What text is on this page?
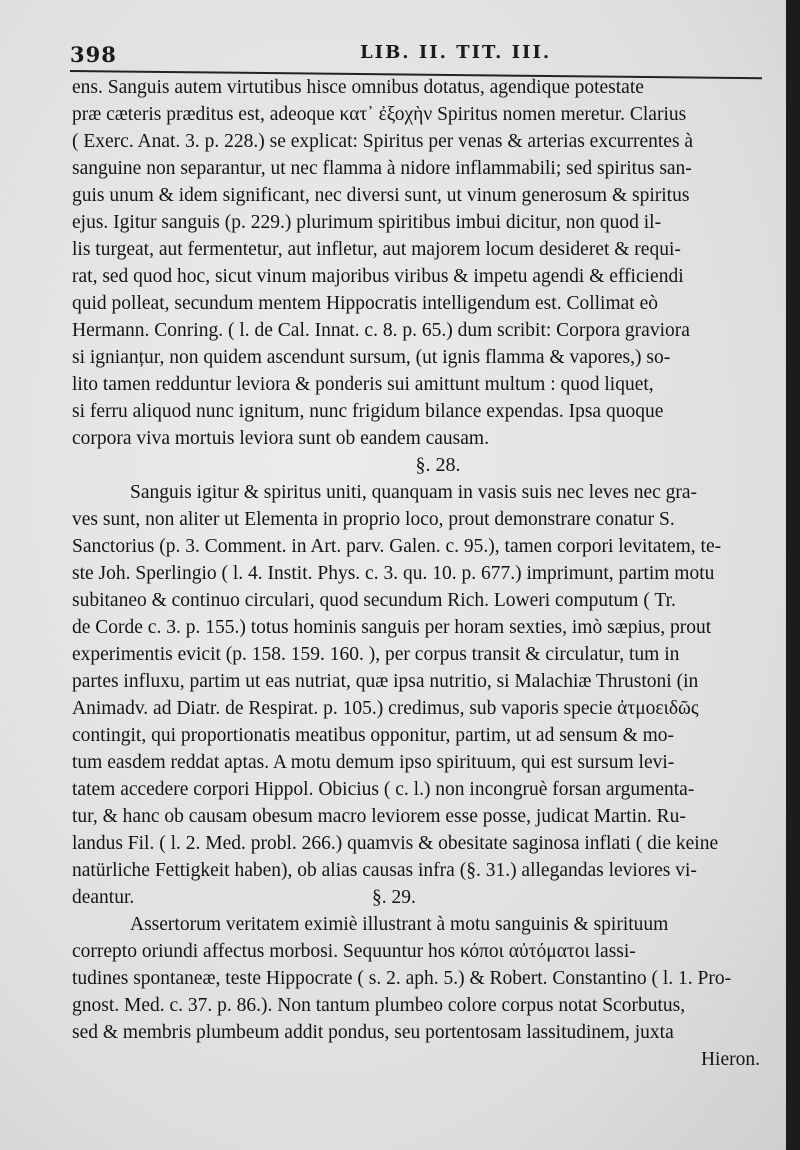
398	LIB. II. TIT. III.
ens. Sanguis autem virtutibus hisce omnibus dotatus, agendique potestate
præ cæteris præditus est, adeoque κατ᾿ ἐξοχὴν Spiritus nomen meretur. Clarius
( Exerc. Anat. 3. p. 228.) se explicat: Spiritus per venas & arterias excurrentes à
sanguine non separantur, ut nec flamma à nidore inflammabili; sed spiritus san-
guis unum & idem significant, nec diversi sunt, ut vinum generosum & spiritus
ejus. Igitur sanguis (p. 229.) plurimum spiritibus imbui dicitur, non quod il-
lis turgeat, aut fermentetur, aut infletur, aut majorem locum desideret & requi-
rat, sed quod hoc, sicut vinum majoribus viribus & impetu agendi & efficiendi
quid polleat, secundum mentem Hippocratis intelligendum est. Collimat eò
Hermann. Conring. ( l. de Cal. Innat. c. 8. p. 65.) dum scribit: Corpora graviora
si ignianțur, non quidem ascendunt sursum, (ut ignis flamma & vapores,) so-
lito tamen redduntur leviora & ponderis sui amittunt multum : quod liquet,
si ferru aliquod nunc ignitum, nunc frigidum bilance expendas. Ipsa quoque
corpora viva mortuis leviora sunt ob eandem causam.
§. 28.
Sanguis igitur & spiritus uniti, quanquam in vasis suis nec leves nec gra-
ves sunt, non aliter ut Elementa in proprio loco, prout demonstrare conatur S.
Sanctorius (p. 3. Comment. in Art. parv. Galen. c. 95.), tamen corpori levitatem, te-
ste Joh. Sperlingio ( l. 4. Instit. Phys. c. 3. qu. 10. p. 677.) imprimunt, partim motu
subitaneo & continuo circulari, quod secundum Rich. Loweri computum ( Tr.
de Corde c. 3. p. 155.) totus hominis sanguis per horam sexties, imò sæpius, prout
experimentis evicit (p. 158. 159. 160. ), per corpus transit & circulatur, tum in
partes influxu, partim ut eas nutriat, quæ ipsa nutritio, si Malachiæ Thrustoni (in
Animadv. ad Diatr. de Respirat. p. 105.) credimus, sub vaporis specie ἀτμοειδῶς
contingit, qui proportionatis meatibus opponitur, partim, ut ad sensum & mo-
tum easdem reddat aptas. A motu demum ipso spirituum, qui est sursum levi-
tatem accedere corpori Hippol. Obicius ( c. l.) non incongruè forsan argumenta-
tur, & hanc ob causam obesum macro leviorem esse posse, judicat Martin. Ru-
landus Fil. ( l. 2. Med. probl. 266.) quamvis & obesitate saginosa inflati ( die keine
natürliche Fettigkeit haben), ob alias causas infra (§. 31.) allegandas leviores vi-
deantur.	§. 29.
Assertorum veritatem eximiè illustrant à motu sanguinis & spirituum
correpto oriundi affectus morbosi. Sequuntur hos κόποι αὐτόματοι lassi-
tudines spontaneæ, teste Hippocrate ( s. 2. aph. 5.) & Robert. Constantino ( l. 1. Pro-
gnost. Med. c. 37. p. 86.). Non tantum plumbeo colore corpus notat Scorbutus,
sed & membris plumbeum addit pondus, seu portentosam lassitudinem, juxta
Hieron.
